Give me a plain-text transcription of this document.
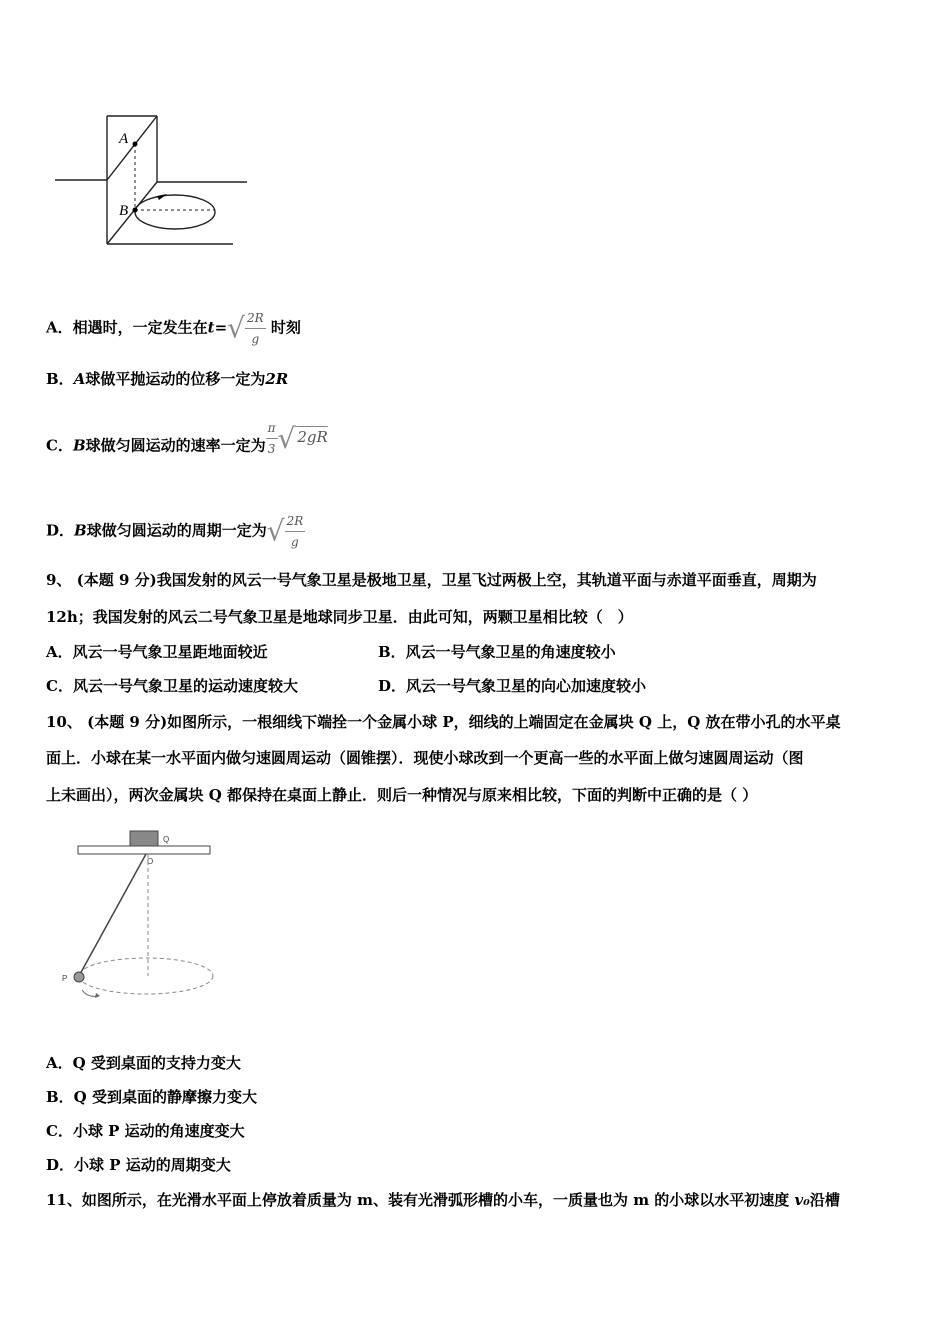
A
B
A．相遇时，一定发生在$t=√ \frac{2R}{g}$ 时刻
B．A球做平抛运动的位移一定为2R
C．B球做匀圆运动的速率一定为 $\frac{\pi}{3}$ √ 2gR
D．B球做匀圆运动的周期一定为√ $\frac{2R}{g}$
9、 (本题 9 分)我国发射的风云一号气象卫星是极地卫星，卫星飞过两极上空，其轨道平面与赤道平面垂直，周期为
12h；我国发射的风云二号气象卫星是地球同步卫星．由此可知，两颗卫星相比较（　）
A．风云一号气象卫星距地面较近	B．风云一号气象卫星的角速度较小
C．风云一号气象卫星的运动速度较大	D．风云一号气象卫星的向心加速度较小
10、 (本题 9 分)如图所示，一根细线下端拴一个金属小球 P，细线的上端固定在金属块 Q 上，Q 放在带小孔的水平桌
面上．小球在某一水平面内做匀速圆周运动（圆锥摆）．现使小球改到一个更高一些的水平面上做匀速圆周运动（图
上未画出），两次金属块 Q 都保持在桌面上静止．则后一种情况与原来相比较，下面的判断中正确的是（ ）
Q
O
P
A．Q 受到桌面的支持力变大
B．Q 受到桌面的静摩擦力变大
C．小球 P 运动的角速度变大
D．小球 P 运动的周期变大
11、如图所示，在光滑水平面上停放着质量为 m、装有光滑弧形槽的小车，一质量也为 m 的小球以水平初速度 v₀沿槽
